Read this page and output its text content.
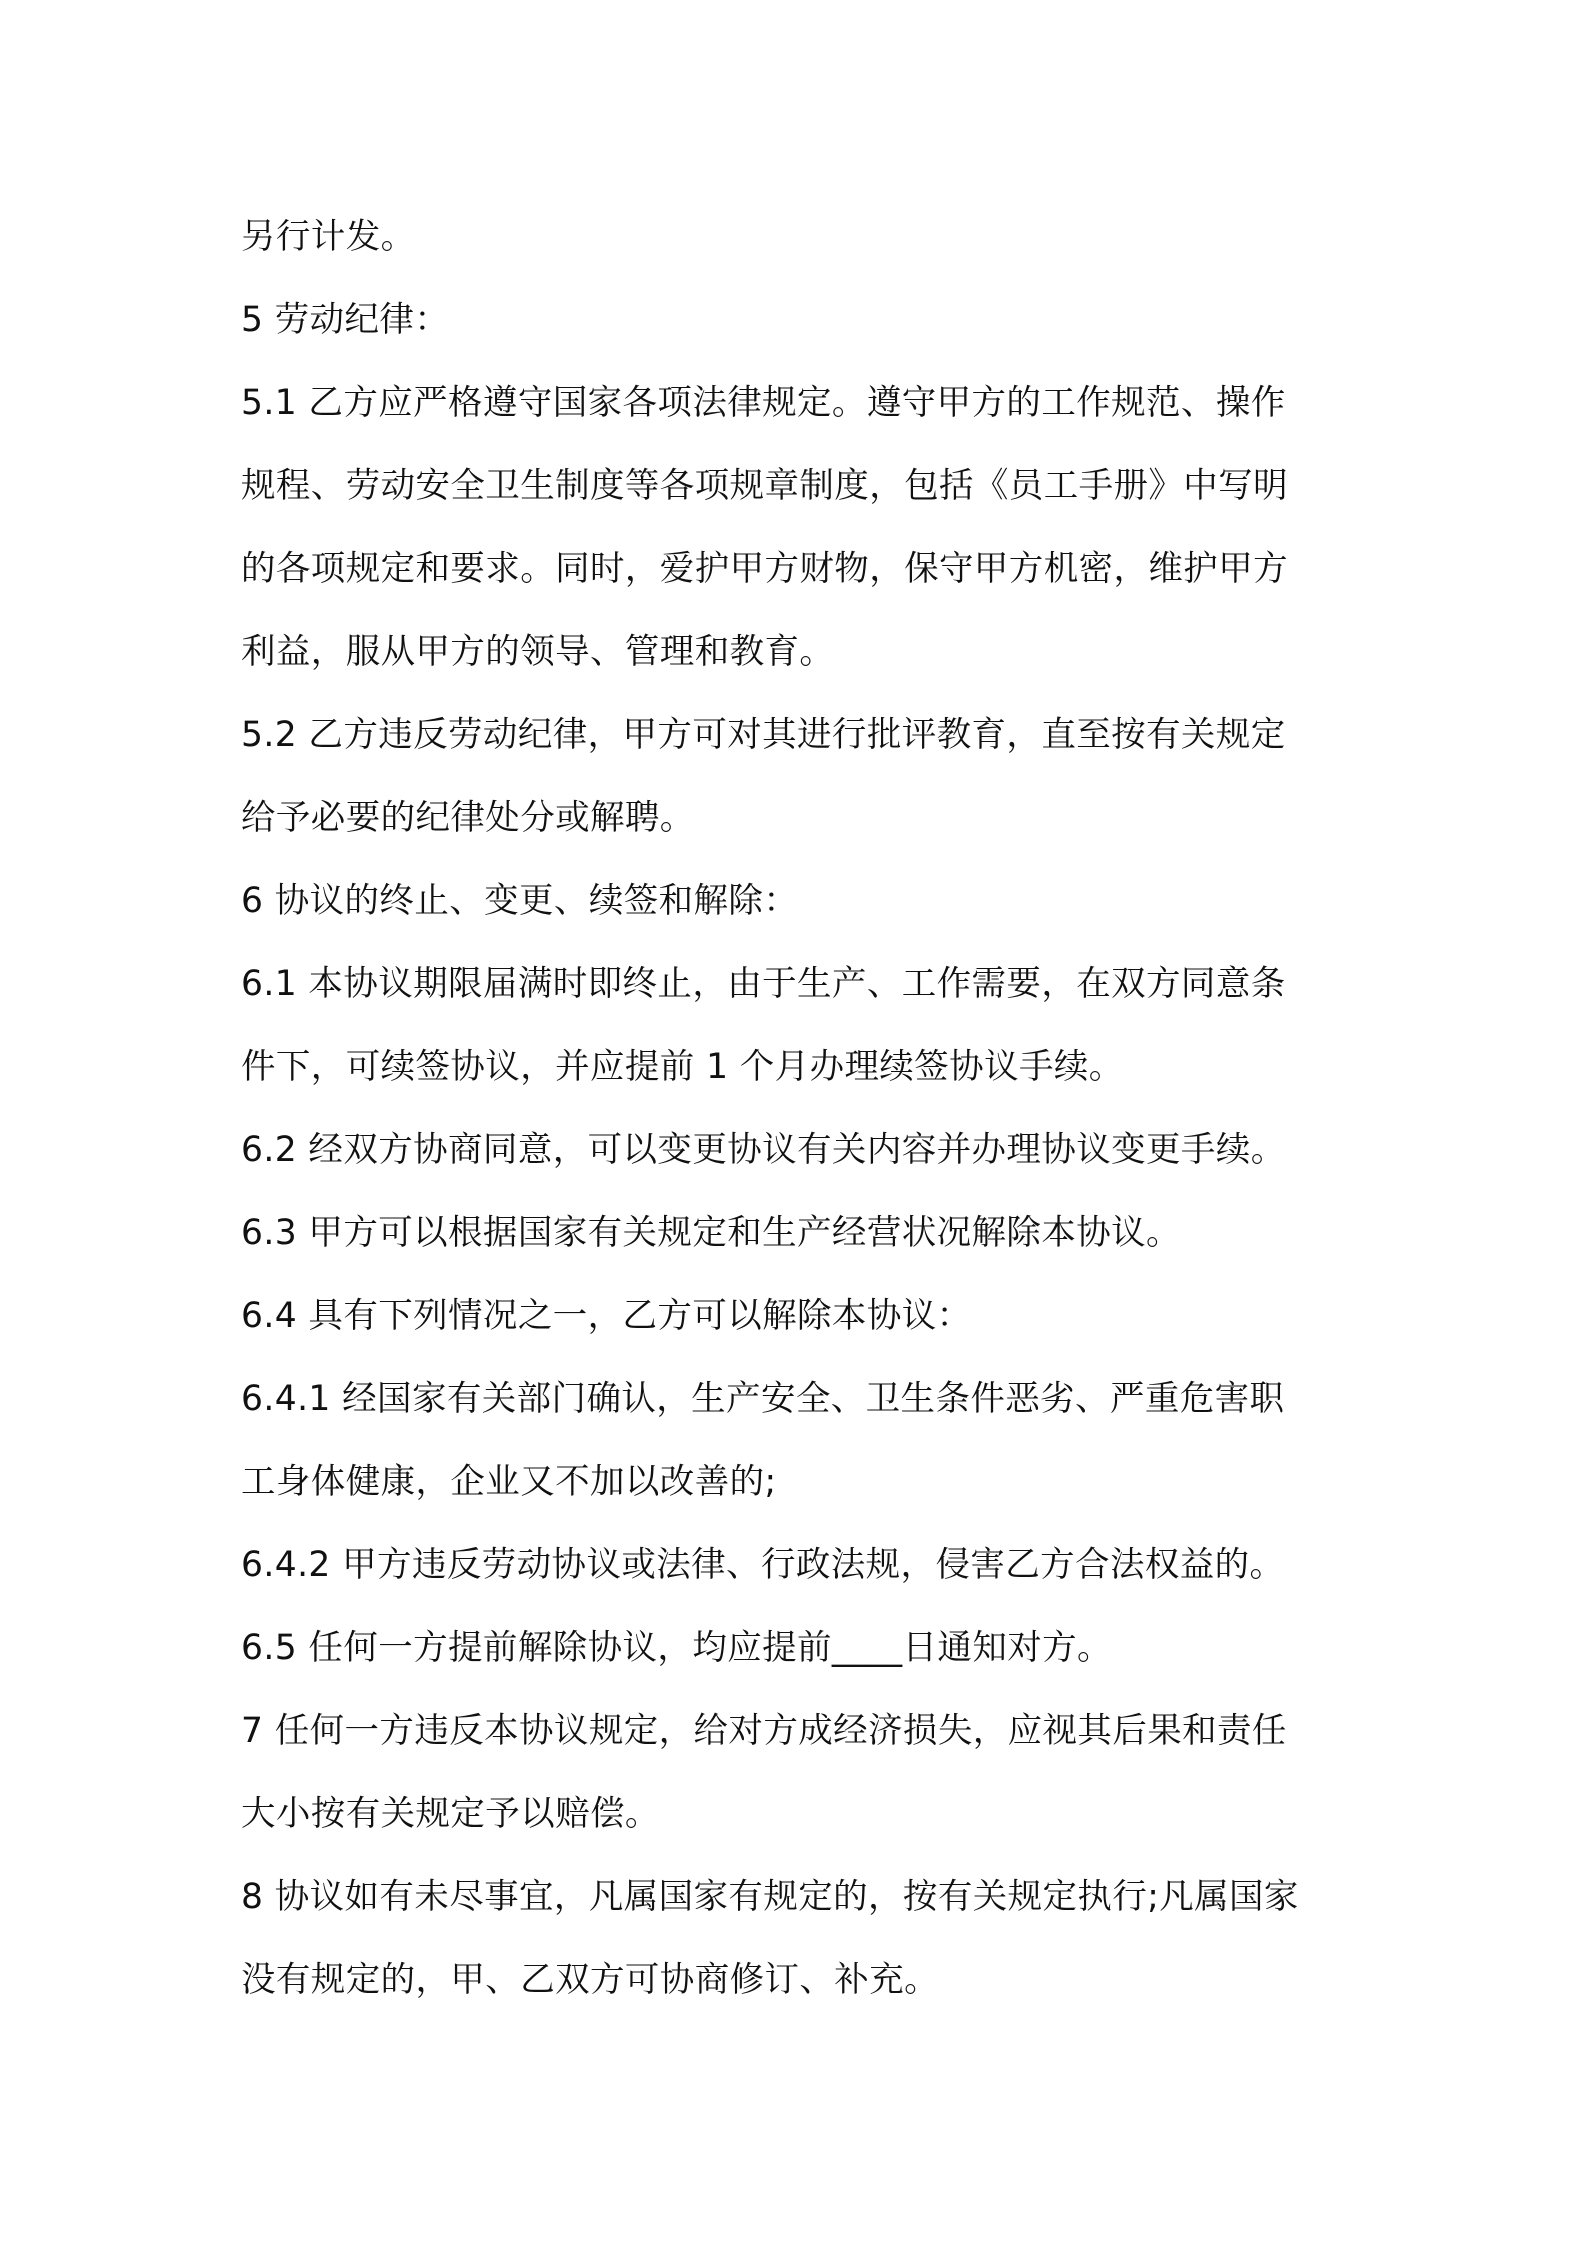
另行计发。
5 劳动纪律：
5.1 乙方应严格遵守国家各项法律规定。遵守甲方的工作规范、操作
规程、劳动安全卫生制度等各项规章制度，包括《员工手册》中写明
的各项规定和要求。同时，爱护甲方财物，保守甲方机密，维护甲方
利益，服从甲方的领导、管理和教育。
5.2 乙方违反劳动纪律，甲方可对其进行批评教育，直至按有关规定
给予必要的纪律处分或解聘。
6 协议的终止、变更、续签和解除：
6.1 本协议期限届满时即终止，由于生产、工作需要，在双方同意条
件下，可续签协议，并应提前 1 个月办理续签协议手续。
6.2 经双方协商同意，可以变更协议有关内容并办理协议变更手续。
6.3 甲方可以根据国家有关规定和生产经营状况解除本协议。
6.4 具有下列情况之一，乙方可以解除本协议：
6.4.1 经国家有关部门确认，生产安全、卫生条件恶劣、严重危害职
工身体健康，企业又不加以改善的;
6.4.2 甲方违反劳动协议或法律、行政法规，侵害乙方合法权益的。
6.5 任何一方提前解除协议，均应提前____日通知对方。
7 任何一方违反本协议规定，给对方成经济损失，应视其后果和责任
大小按有关规定予以赔偿。
8 协议如有未尽事宜，凡属国家有规定的，按有关规定执行;凡属国家
没有规定的，甲、乙双方可协商修订、补充。
